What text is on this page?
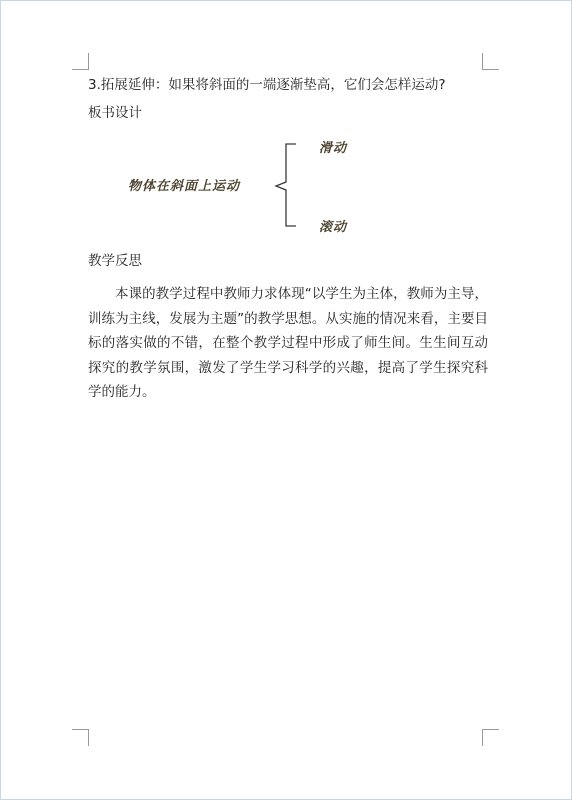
3.拓展延伸：如果将斜面的一端逐渐垫高，它们会怎样运动?
板书设计
物体在斜面上运动
滑动
滚动
教学反思
本课的教学过程中教师力求体现“以学生为主体，教师为主导，训练为主线，发展为主题”的教学思想。从实施的情况来看，主要目标的落实做的不错，在整个教学过程中形成了师生间。生生间互动探究的教学氛围，激发了学生学习科学的兴趣，提高了学生探究科学的能力。
